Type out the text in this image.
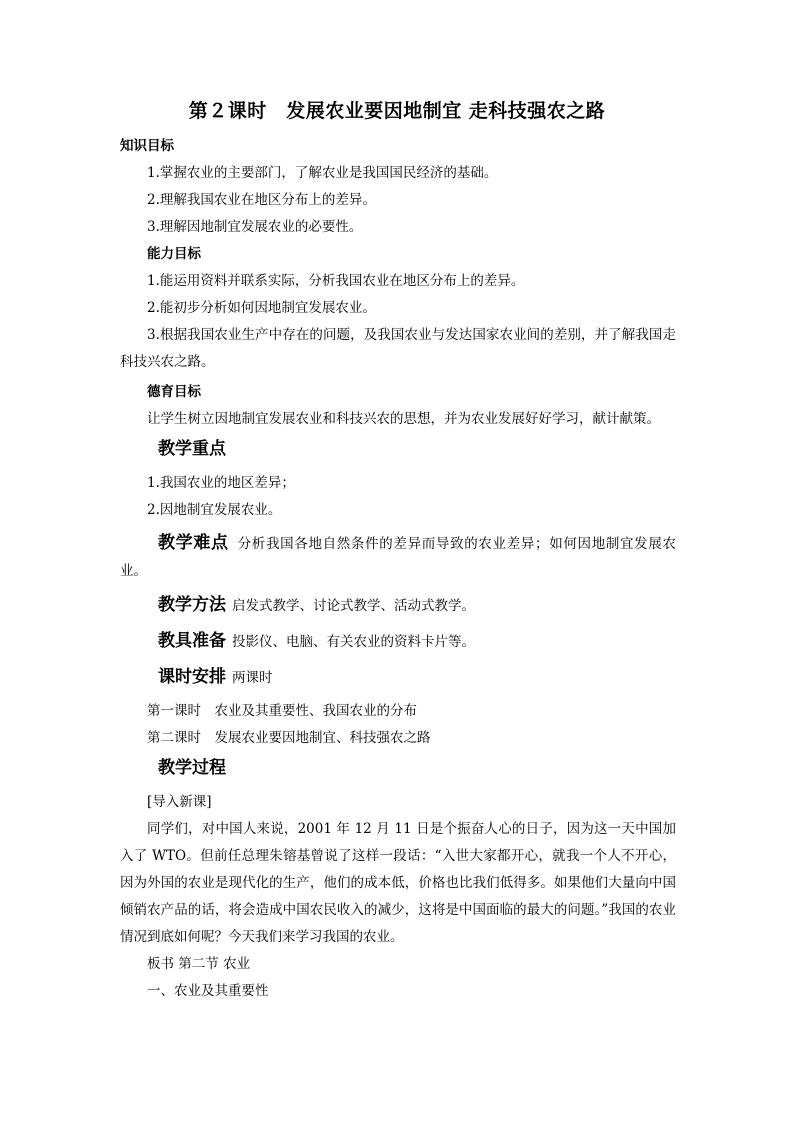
第２课时　发展农业要因地制宜 走科技强农之路
知识目标
1.掌握农业的主要部门，了解农业是我国国民经济的基础。
2.理解我国农业在地区分布上的差异。
3.理解因地制宜发展农业的必要性。
能力目标
1.能运用资料并联系实际，分析我国农业在地区分布上的差异。
2.能初步分析如何因地制宜发展农业。
3.根据我国农业生产中存在的问题，及我国农业与发达国家农业间的差别，并了解我国走科技兴农之路。
德育目标
让学生树立因地制宜发展农业和科技兴农的思想，并为农业发展好好学习，献计献策。
教学重点
1.我国农业的地区差异；
2.因地制宜发展农业。
教学难点 分析我国各地自然条件的差异而导致的农业差异；如何因地制宜发展农业。
教学方法 启发式教学、讨论式教学、活动式教学。
教具准备 投影仪、电脑、有关农业的资料卡片等。
课时安排 两课时
第一课时　农业及其重要性、我国农业的分布
第二课时　发展农业要因地制宜、科技强农之路
教学过程
[导入新课]
同学们，对中国人来说，2001 年 12 月 11 日是个振奋人心的日子，因为这一天中国加入了 WTO。但前任总理朱镕基曾说了这样一段话：“入世大家都开心，就我一个人不开心，因为外国的农业是现代化的生产，他们的成本低，价格也比我们低得多。如果他们大量向中国倾销农产品的话，将会造成中国农民收入的减少，这将是中国面临的最大的问题。”我国的农业情况到底如何呢？今天我们来学习我国的农业。
板书 第二节 农业
一、农业及其重要性
